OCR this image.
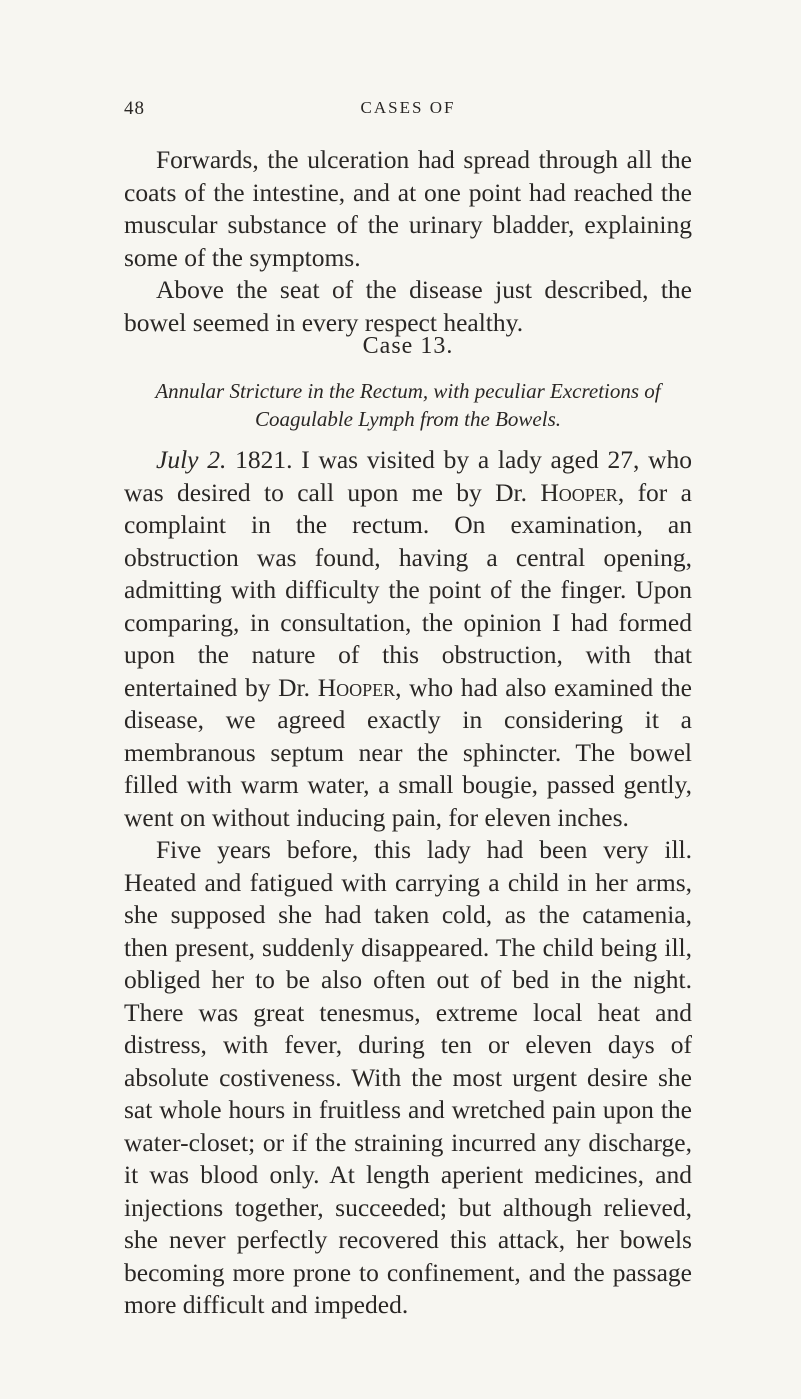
48	CASES OF

Forwards, the ulceration had spread through all the coats of the intestine, and at one point had reached the muscular substance of the urinary bladder, explaining some of the symptoms.

Above the seat of the disease just described, the bowel seemed in every respect healthy.

Case 13.
Annular Stricture in the Rectum, with peculiar Excretions of
Coagulable Lymph from the Bowels.

July 2. 1821. I was visited by a lady aged 27, who was desired to call upon me by Dr. Hooper, for a complaint in the rectum. On examination, an obstruction was found, having a central opening, admitting with difficulty the point of the finger. Upon comparing, in consultation, the opinion I had formed upon the nature of this obstruction, with that entertained by Dr. Hooper, who had also examined the disease, we agreed exactly in considering it a membranous septum near the sphincter. The bowel filled with warm water, a small bougie, passed gently, went on without inducing pain, for eleven inches.

Five years before, this lady had been very ill. Heated and fatigued with carrying a child in her arms, she supposed she had taken cold, as the catamenia, then present, suddenly disappeared. The child being ill, obliged her to be also often out of bed in the night. There was great tenesmus, extreme local heat and distress, with fever, during ten or eleven days of absolute costiveness. With the most urgent desire she sat whole hours in fruitless and wretched pain upon the water-closet; or if the straining incurred any discharge, it was blood only. At length aperient medicines, and injections together, succeeded; but although relieved, she never perfectly recovered this attack, her bowels becoming more prone to confinement, and the passage more difficult and impeded.
